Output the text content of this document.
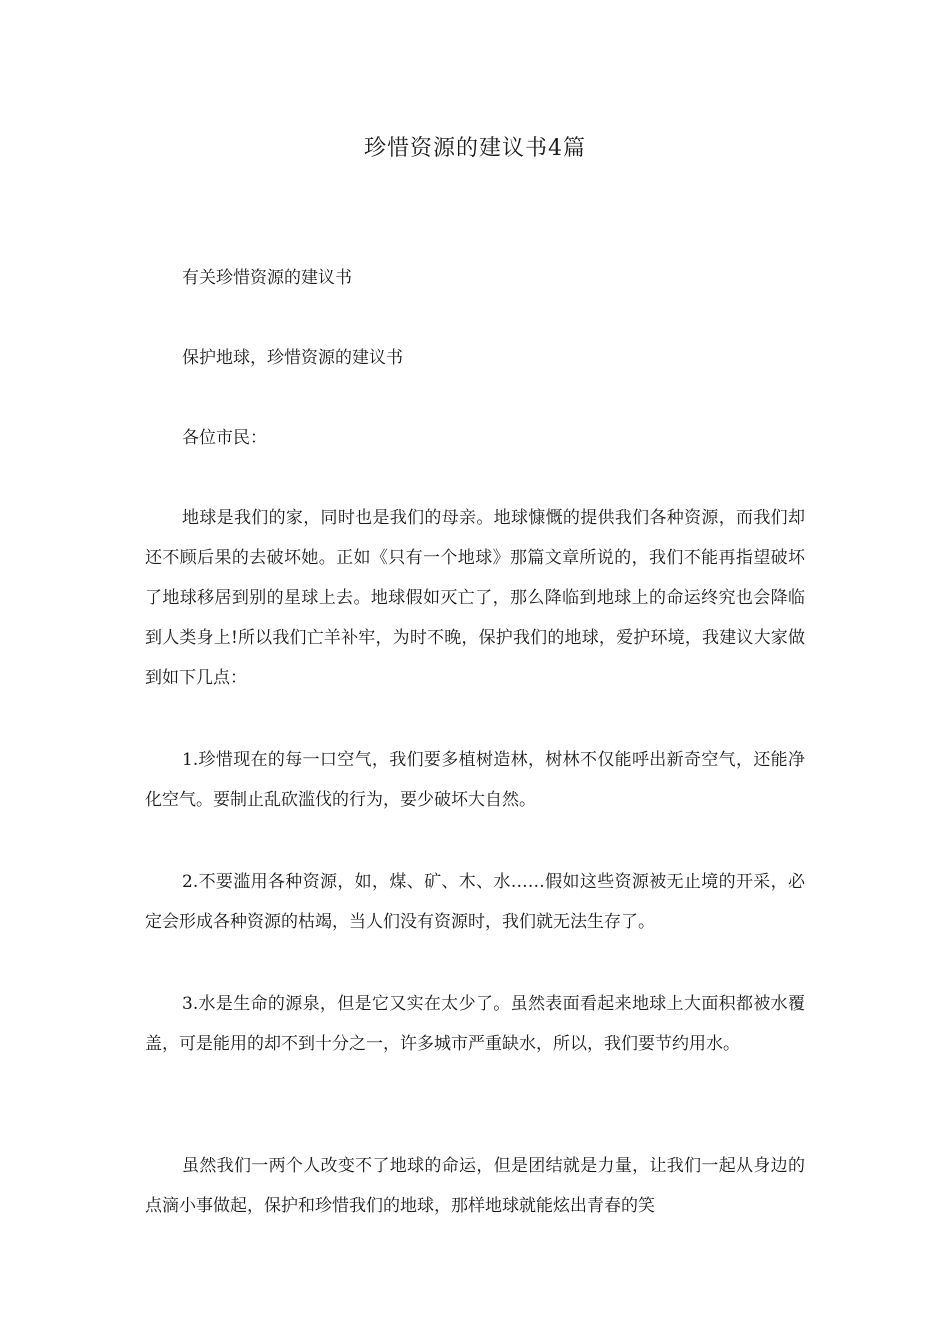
珍惜资源的建议书4篇

有关珍惜资源的建议书

保护地球，珍惜资源的建议书

各位市民：

地球是我们的家，同时也是我们的母亲。地球慷慨的提供我们各种资源，而我们却还不顾后果的去破坏她。正如《只有一个地球》那篇文章所说的，我们不能再指望破坏了地球移居到别的星球上去。地球假如灭亡了，那么降临到地球上的命运终究也会降临到人类身上!所以我们亡羊补牢，为时不晚，保护我们的地球，爱护环境，我建议大家做到如下几点：

1.珍惜现在的每一口空气，我们要多植树造林，树林不仅能呼出新奇空气，还能净化空气。要制止乱砍滥伐的行为，要少破坏大自然。

2.不要滥用各种资源，如，煤、矿、木、水……假如这些资源被无止境的开采，必定会形成各种资源的枯竭，当人们没有资源时，我们就无法生存了。

3.水是生命的源泉，但是它又实在太少了。虽然表面看起来地球上大面积都被水覆盖，可是能用的却不到十分之一，许多城市严重缺水，所以，我们要节约用水。

虽然我们一两个人改变不了地球的命运，但是团结就是力量，让我们一起从身边的点滴小事做起，保护和珍惜我们的地球，那样地球就能炫出青春的笑
